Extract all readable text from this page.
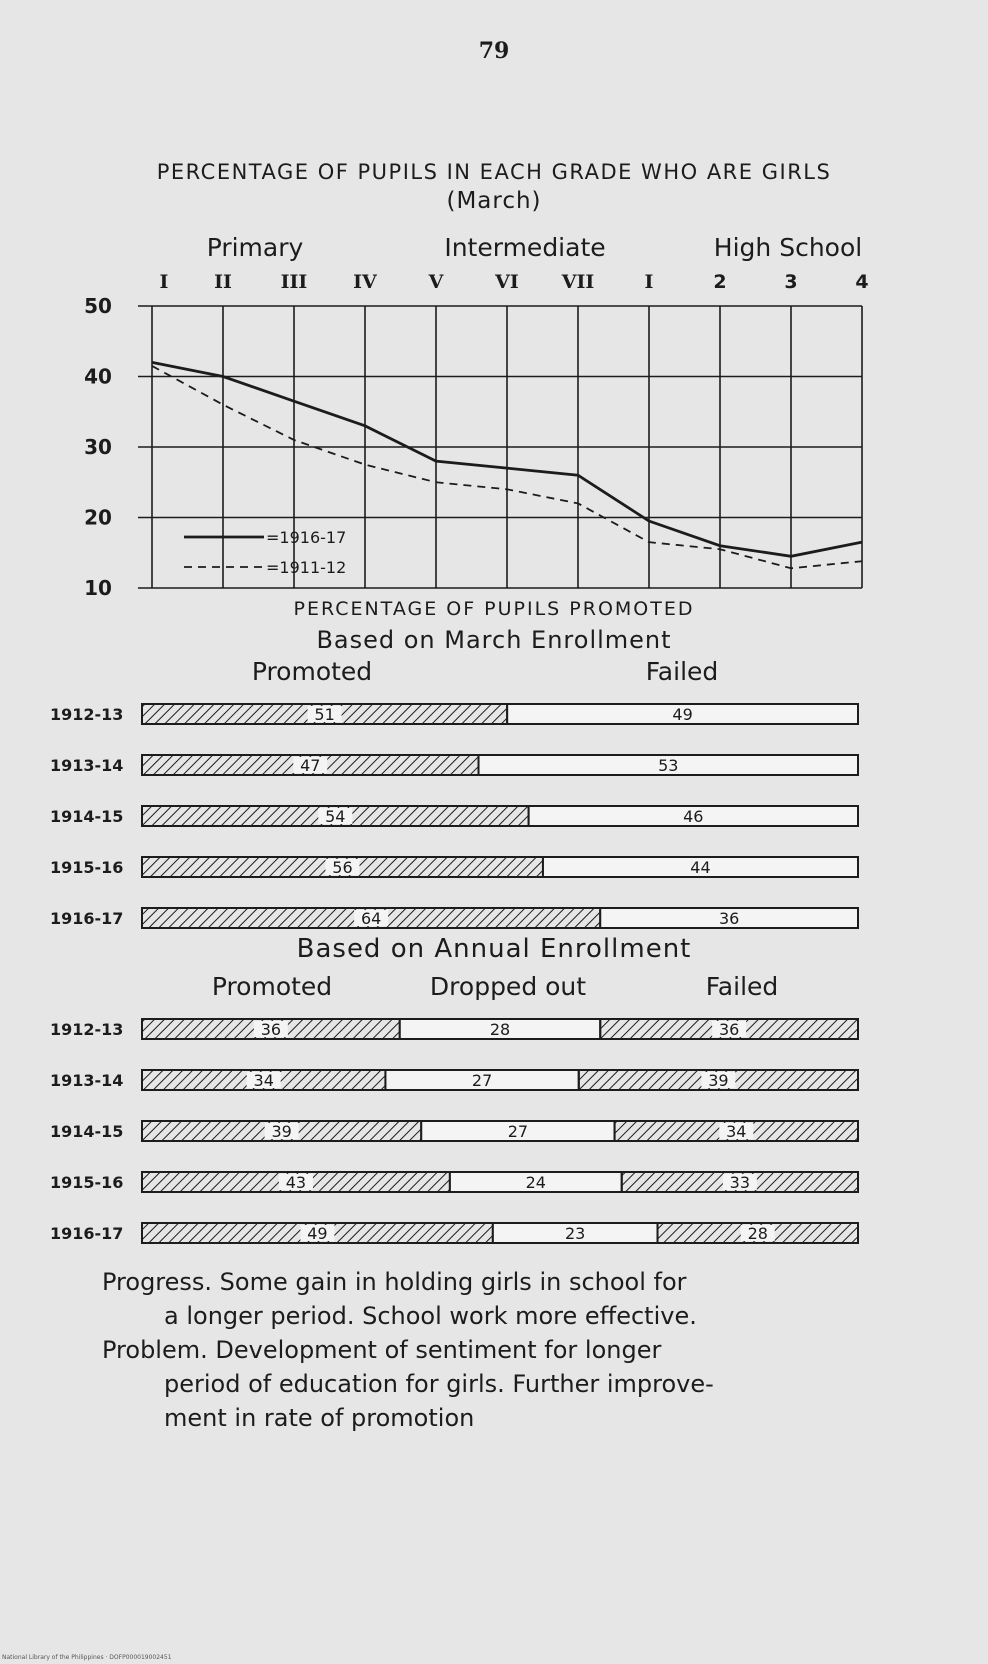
79
PERCENTAGE OF PUPILS IN EACH GRADE WHO ARE GIRLS
(March)
Primary	Intermediate	High School
I II	III IV	V	VI VII	I	2	3	4
10
20
30
40
50
=1916-17
=1911-12
PERCENTAGE OF PUPILS PROMOTED
Based on March Enrollment
Promoted	Failed
1912-13	51	49
1913-14	47	53
1914-15	54	46
1915-16	56	44
1916-17	64	36
Based on Annual Enrollment
Promoted	Dropped out	Failed
1912-13	36	28	36
1913-14	34	27	39
1914-15	39	27	34
1915-16	43	24	33
1916-17	49	23	28

Progress. Some gain in holding girls in school for

a longer period. School work more effective.

Problem. Development of sentiment for longer

period of education for girls. Further improve-

ment in rate of promotion

National Library of the Philippines · DOFP000019002451
